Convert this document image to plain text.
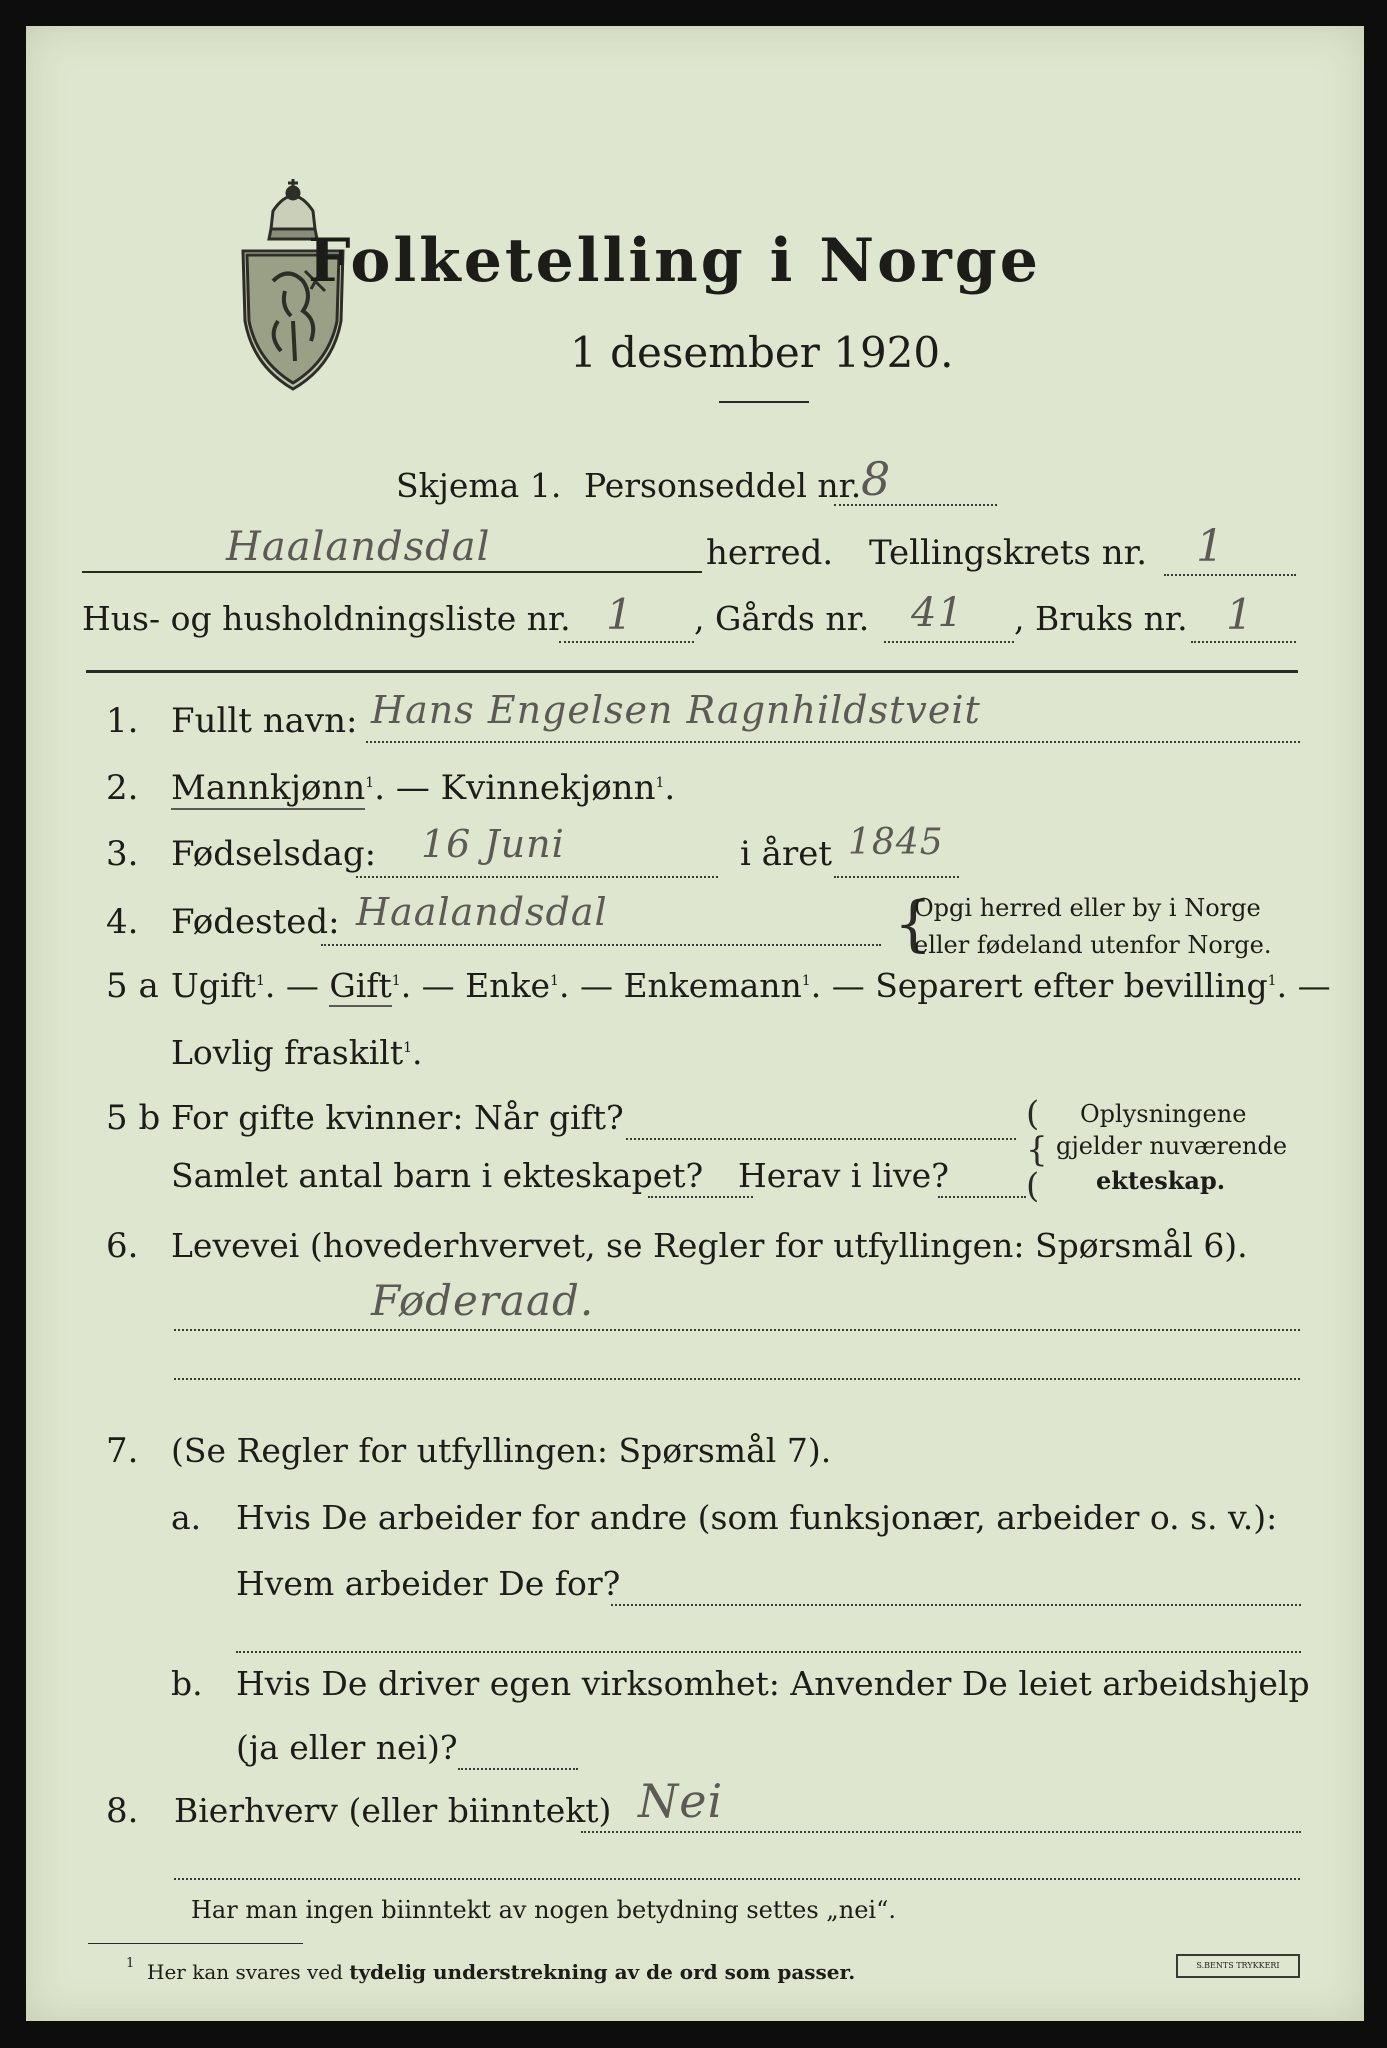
Folketelling i Norge
1 desember 1920.
Skjema 1. Personseddel nr. 8
Haalandsdal	herred. Tellingskrets nr. 1
Hus- og husholdningsliste nr. 1 , Gårds nr. 41 , Bruks nr. 1
1. Fullt navn: Hans Engelsen Ragnhildstveit
2. Mannkjønn$^1$. — Kvinnekjønn$^1$.
3. Fødselsdag: 16 Juni	i året 1845
4. Fødested: Haalandsdal	{
Opgi herred eller by i Norge
eller fødeland utenfor Norge.
5 a Ugift$^1$. — Gift$^1$. — Enke$^1$. — Enkemann$^1$. — Separert efter bevilling$^1$. —
Lovlig fraskilt$^1$.
5 b For gifte kvinner: Når gift?
Samlet antal barn i ekteskapet? Herav i live?
(
{
(
Oplysningene
gjelder nuværende
ekteskap.
6. Levevei (hovederhvervet, se Regler for utfyllingen: Spørsmål 6).
Føderaad.
7. (Se Regler for utfyllingen: Spørsmål 7).
a. Hvis De arbeider for andre (som funksjonær, arbeider o. s. v.):
Hvem arbeider De for?
b. Hvis De driver egen virksomhet: Anvender De leiet arbeidshjelp
(ja eller nei)?
8. Bierhverv (eller biinntekt) Nei
Har man ingen biinntekt av nogen betydning settes „nei“.
$^1$ Her kan svares ved tydelig understrekning av de ord som passer.	S.BENTS TRYKKERI
